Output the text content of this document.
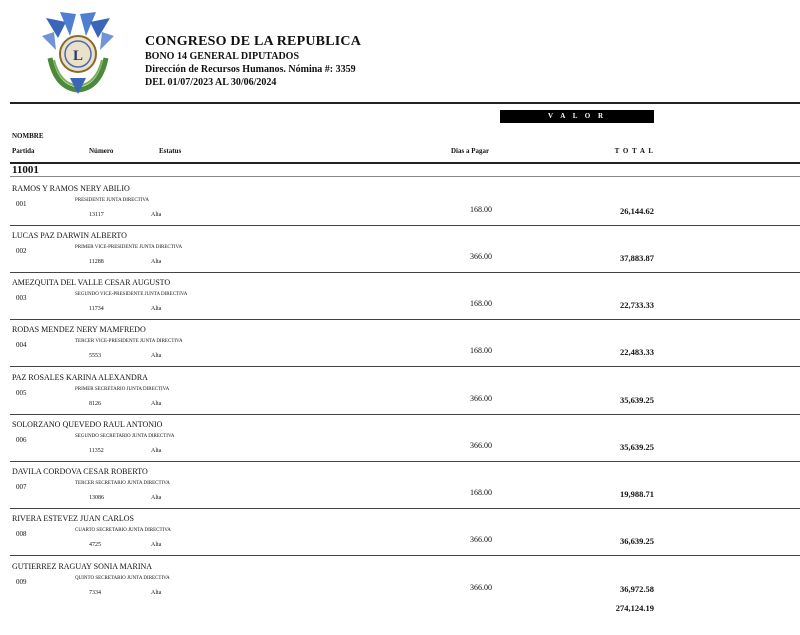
L
CONGRESO DE LA REPUBLICA
BONO 14 GENERAL DIPUTADOS
Dirección de Recursos Humanos. Nómina #: 3359
DEL 01/07/2023 AL 30/06/2024
V A L O R
NOMBRE
Partida	Número	Estatus	Dias a Pagar	T O T A L
11001
RAMOS Y RAMOS NERY ABILIO
001	PRESIDENTE JUNTA DIRECTIVA
13117	Alta
168.00	26,144.62
LUCAS PAZ DARWIN ALBERTO
002	PRIMER VICE-PRESIDENTE JUNTA DIRECTIVA
11288	Alta
366.00	37,883.87
AMEZQUITA DEL VALLE CESAR AUGUSTO
003	SEGUNDO VICE-PRESIDENTE JUNTA DIRECTIVA
11734	Alta
168.00	22,733.33
RODAS MENDEZ NERY MAMFREDO
004	TERCER VICE-PRESIDENTE JUNTA DIRECTIVA
5553	Alta
168.00	22,483.33
PAZ ROSALES KARINA ALEXANDRA
005	PRIMER SECRETARIO JUNTA DIRECTIVA
8126	Alta
366.00	35,639.25
SOLORZANO QUEVEDO RAUL ANTONIO
006	SEGUNDO SECRETARIO JUNTA DIRECTIVA
11352	Alta
366.00	35,639.25
DAVILA CORDOVA CESAR ROBERTO
007	TERCER SECRETARIO JUNTA DIRECTIVA
13086	Alta
168.00	19,988.71
RIVERA ESTEVEZ JUAN CARLOS
008	CUARTO SECRETARIO JUNTA DIRECTIVA
4725	Alta
366.00	36,639.25
GUTIERREZ RAGUAY SONIA MARINA
009	QUINTO SECRETARIO JUNTA DIRECTIVA
7334	Alta
366.00	36,972.58
274,124.19
